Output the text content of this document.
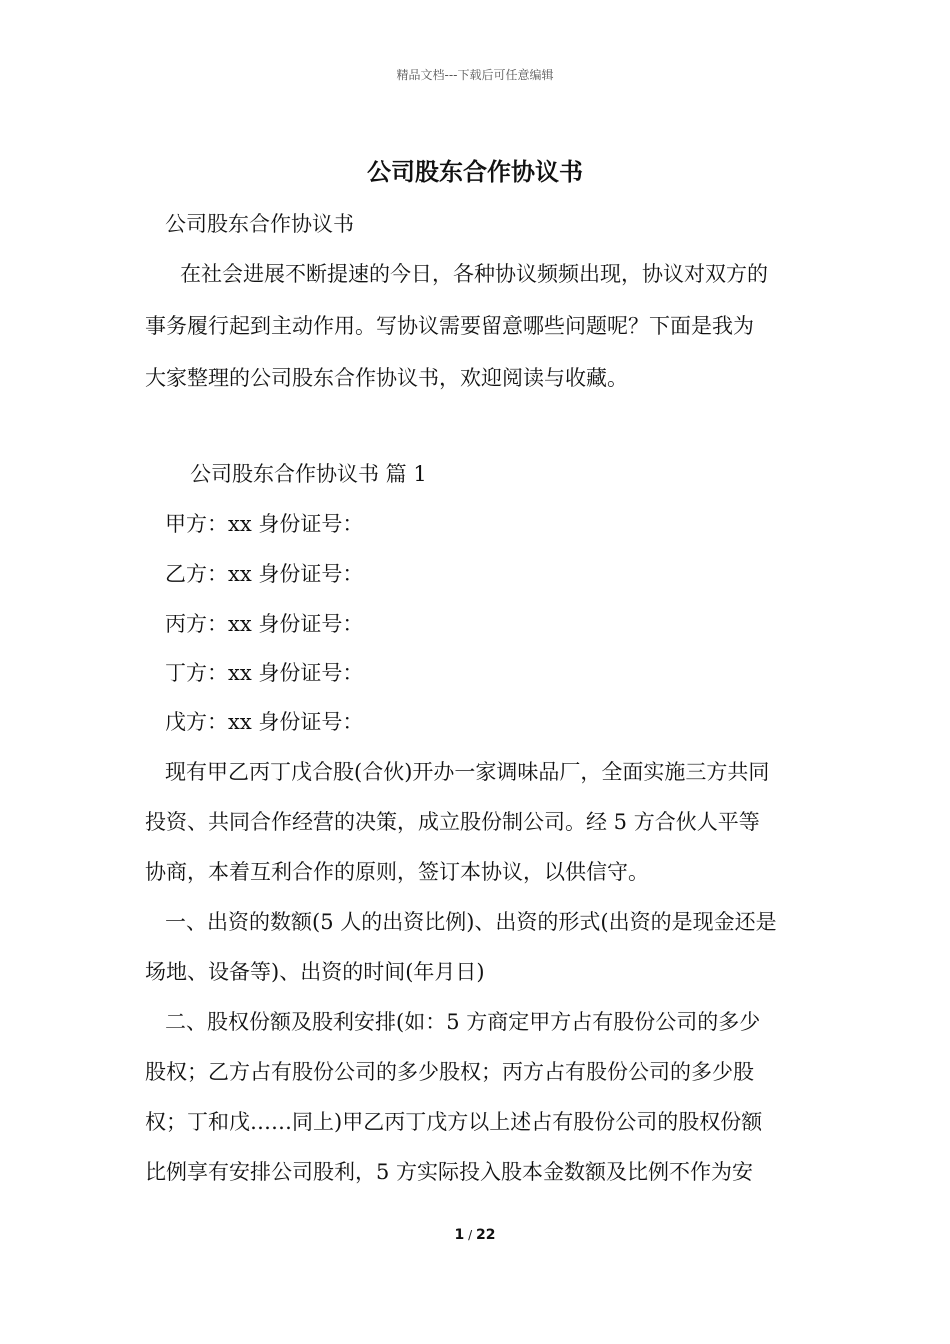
精品文档---下载后可任意编辑
公司股东合作协议书
公司股东合作协议书
在社会进展不断提速的今日，各种协议频频出现，协议对双方的
事务履行起到主动作用。写协议需要留意哪些问题呢？下面是我为
大家整理的公司股东合作协议书，欢迎阅读与收藏。
公司股东合作协议书 篇 1
甲方：xx 身份证号：
乙方：xx 身份证号：
丙方：xx 身份证号：
丁方：xx 身份证号：
戊方：xx 身份证号：
现有甲乙丙丁戊合股(合伙)开办一家调味品厂，全面实施三方共同
投资、共同合作经营的决策，成立股份制公司。经 5 方合伙人平等
协商，本着互利合作的原则，签订本协议，以供信守。
一、出资的数额(5 人的出资比例)、出资的形式(出资的是现金还是
场地、设备等)、出资的时间(年月日)
二、股权份额及股利安排(如：5 方商定甲方占有股份公司的多少
股权；乙方占有股份公司的多少股权；丙方占有股份公司的多少股
权；丁和戊……同上)甲乙丙丁戊方以上述占有股份公司的股权份额
比例享有安排公司股利，5 方实际投入股本金数额及比例不作为安
1 / 22
